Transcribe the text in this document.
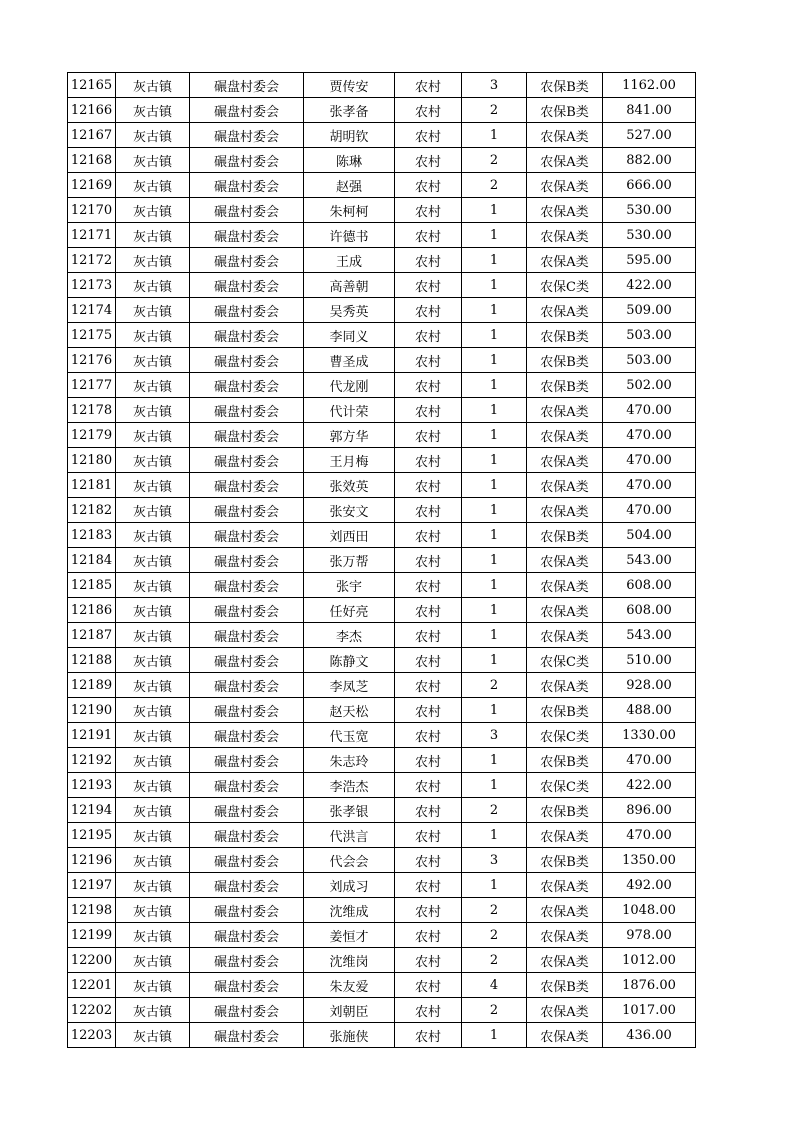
12165	灰古镇	碾盘村委会	贾传安	农村	3	农保B类	1162.00
12166	灰古镇	碾盘村委会	张孝备	农村	2	农保B类	841.00
12167	灰古镇	碾盘村委会	胡明钦	农村	1	农保A类	527.00
12168	灰古镇	碾盘村委会	陈琳	农村	2	农保A类	882.00
12169	灰古镇	碾盘村委会	赵强	农村	2	农保A类	666.00
12170	灰古镇	碾盘村委会	朱柯柯	农村	1	农保A类	530.00
12171	灰古镇	碾盘村委会	许德书	农村	1	农保A类	530.00
12172	灰古镇	碾盘村委会	王成	农村	1	农保A类	595.00
12173	灰古镇	碾盘村委会	高善朝	农村	1	农保C类	422.00
12174	灰古镇	碾盘村委会	吴秀英	农村	1	农保A类	509.00
12175	灰古镇	碾盘村委会	李同义	农村	1	农保B类	503.00
12176	灰古镇	碾盘村委会	曹圣成	农村	1	农保B类	503.00
12177	灰古镇	碾盘村委会	代龙刚	农村	1	农保B类	502.00
12178	灰古镇	碾盘村委会	代计荣	农村	1	农保A类	470.00
12179	灰古镇	碾盘村委会	郭方华	农村	1	农保A类	470.00
12180	灰古镇	碾盘村委会	王月梅	农村	1	农保A类	470.00
12181	灰古镇	碾盘村委会	张效英	农村	1	农保A类	470.00
12182	灰古镇	碾盘村委会	张安文	农村	1	农保A类	470.00
12183	灰古镇	碾盘村委会	刘西田	农村	1	农保B类	504.00
12184	灰古镇	碾盘村委会	张万帮	农村	1	农保A类	543.00
12185	灰古镇	碾盘村委会	张宇	农村	1	农保A类	608.00
12186	灰古镇	碾盘村委会	任好亮	农村	1	农保A类	608.00
12187	灰古镇	碾盘村委会	李杰	农村	1	农保A类	543.00
12188	灰古镇	碾盘村委会	陈静文	农村	1	农保C类	510.00
12189	灰古镇	碾盘村委会	李凤芝	农村	2	农保A类	928.00
12190	灰古镇	碾盘村委会	赵天松	农村	1	农保B类	488.00
12191	灰古镇	碾盘村委会	代玉宽	农村	3	农保C类	1330.00
12192	灰古镇	碾盘村委会	朱志玲	农村	1	农保B类	470.00
12193	灰古镇	碾盘村委会	李浩杰	农村	1	农保C类	422.00
12194	灰古镇	碾盘村委会	张孝银	农村	2	农保B类	896.00
12195	灰古镇	碾盘村委会	代洪言	农村	1	农保A类	470.00
12196	灰古镇	碾盘村委会	代会会	农村	3	农保B类	1350.00
12197	灰古镇	碾盘村委会	刘成习	农村	1	农保A类	492.00
12198	灰古镇	碾盘村委会	沈维成	农村	2	农保A类	1048.00
12199	灰古镇	碾盘村委会	姜恒才	农村	2	农保A类	978.00
12200	灰古镇	碾盘村委会	沈维岗	农村	2	农保A类	1012.00
12201	灰古镇	碾盘村委会	朱友爱	农村	4	农保B类	1876.00
12202	灰古镇	碾盘村委会	刘朝臣	农村	2	农保A类	1017.00
12203	灰古镇	碾盘村委会	张施侠	农村	1	农保A类	436.00
